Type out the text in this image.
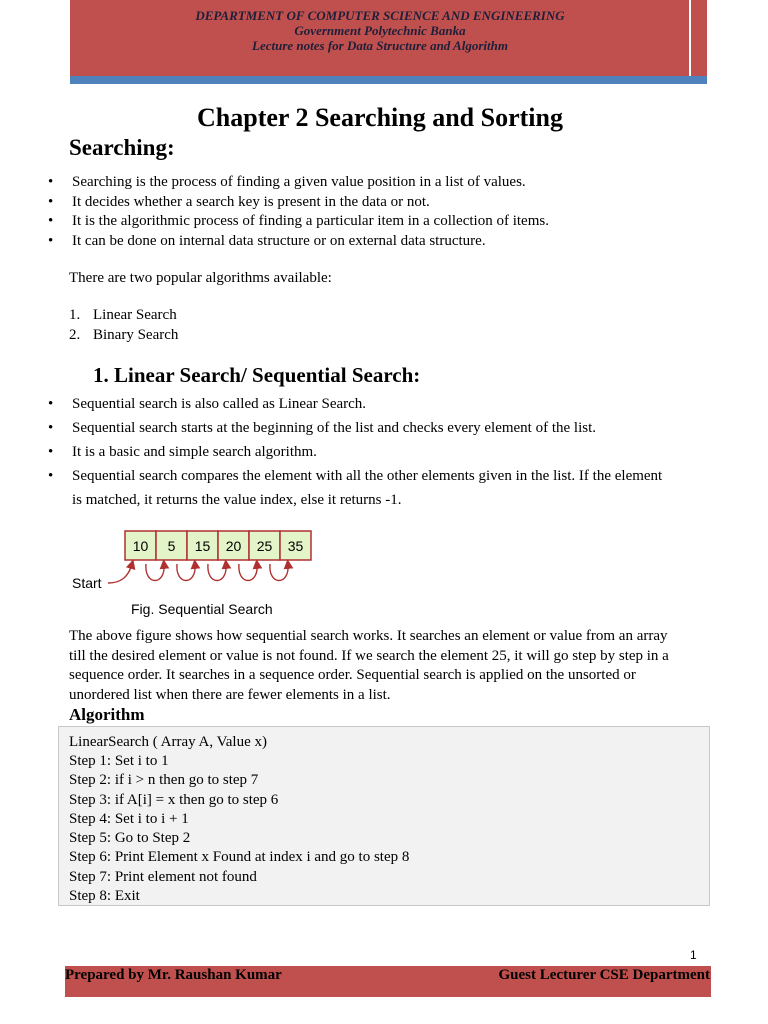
DEPARTMENT OF COMPUTER SCIENCE AND ENGINEERING
Government Polytechnic Banka
Lecture notes for Data Structure and Algorithm
Chapter 2 Searching and Sorting
Searching:
• Searching is the process of finding a given value position in a list of values.
• It decides whether a search key is present in the data or not.
• It is the algorithmic process of finding a particular item in a collection of items.
• It can be done on internal data structure or on external data structure.
There are two popular algorithms available:
1. Linear Search
2. Binary Search
1. Linear Search/ Sequential Search:
• Sequential search is also called as Linear Search.
• Sequential search starts at the beginning of the list and checks every element of the list.
• It is a basic and simple search algorithm.
• Sequential search compares the element with all the other elements given in the list. If the element
is matched, it returns the value index, else it returns -1.
10 5 15 20 25 35
Start
Fig. Sequential Search
The above figure shows how sequential search works. It searches an element or value from an array
till the desired element or value is not found. If we search the element 25, it will go step by step in a
sequence order. It searches in a sequence order. Sequential search is applied on the unsorted or
unordered list when there are fewer elements in a list.
Algorithm
LinearSearch ( Array A, Value x)
Step 1: Set i to 1
Step 2: if i > n then go to step 7
Step 3: if A[i] = x then go to step 6
Step 4: Set i to i + 1
Step 5: Go to Step 2
Step 6: Print Element x Found at index i and go to step 8
Step 7: Print element not found
Step 8: Exit
1
Prepared by Mr. Raushan Kumar	Guest Lecturer CSE Department
